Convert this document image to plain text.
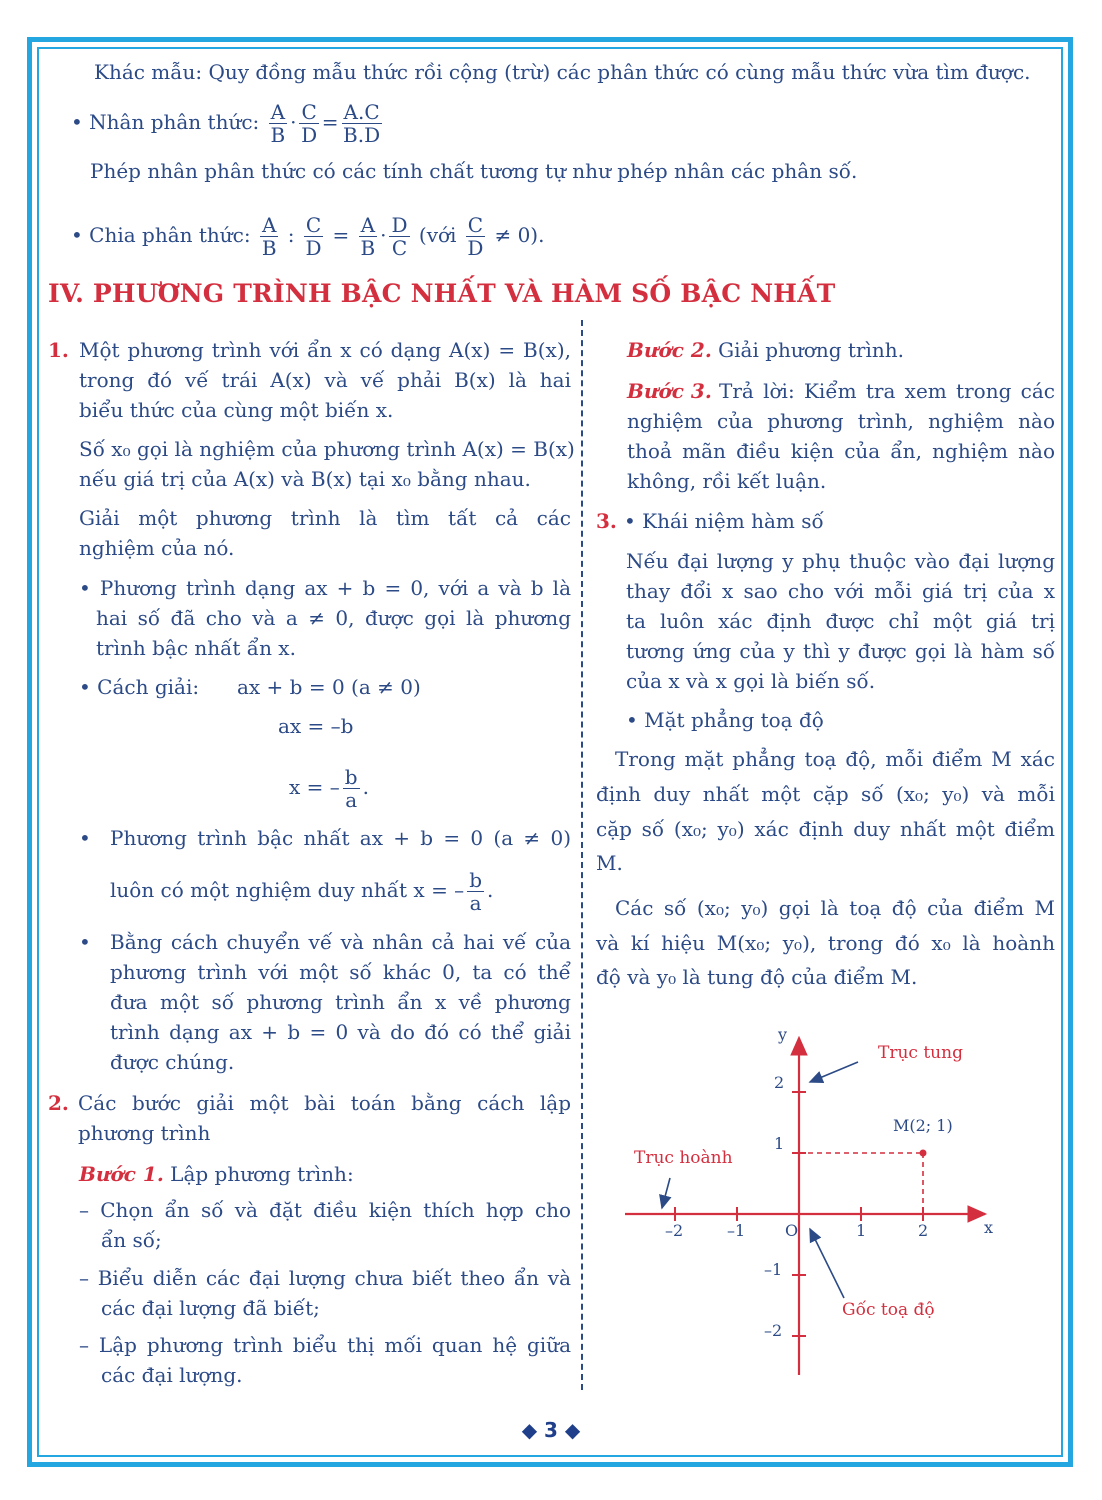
Khác mẫu: Quy đồng mẫu thức rồi cộng (trừ) các phân thức có cùng mẫu thức vừa tìm được.
• Nhân phân thức: $\frac{A}{B} \cdot \frac{C}{D} = \frac{A.C}{B.D}$
Phép nhân phân thức có các tính chất tương tự như phép nhân các phân số.
• Chia phân thức: $\frac{A}{B}$ : $\frac{C}{D} = \frac{A}{B} \cdot \frac{D}{C}$ (với $\frac{C}{D} \ne 0$).
IV. PHƯƠNG TRÌNH BẬC NHẤT VÀ HÀM SỐ BẬC NHẤT
1. Một phương trình với ẩn x có dạng A(x) = B(x),
trong đó vế trái A(x) và vế phải B(x) là hai
biểu thức của cùng một biến x.
Số x₀ gọi là nghiệm của phương trình A(x) = B(x)
nếu giá trị của A(x) và B(x) tại x₀ bằng nhau.
Giải một phương trình là tìm tất cả các
nghiệm của nó.
• Phương trình dạng ax + b = 0, với a và b là
hai số đã cho và a ≠ 0, được gọi là phương
trình bậc nhất ẩn x.
• Cách giải: ax + b = 0 (a ≠ 0)
ax = –b
x = – $\frac{b}{a}$ .
• Phương trình bậc nhất ax + b = 0 (a ≠ 0)
luôn có một nghiệm duy nhất x = – $\frac{b}{a}$ .
• Bằng cách chuyển vế và nhân cả hai vế của
phương trình với một số khác 0, ta có thể
đưa một số phương trình ẩn x về phương
trình dạng ax + b = 0 và do đó có thể giải
được chúng.
2. Các bước giải một bài toán bằng cách lập
phương trình
Bước 1. Lập phương trình:
– Chọn ẩn số và đặt điều kiện thích hợp cho
ẩn số;
– Biểu diễn các đại lượng chưa biết theo ẩn và
các đại lượng đã biết;
– Lập phương trình biểu thị mối quan hệ giữa
các đại lượng.
Bước 2. Giải phương trình.
Bước 3. Trả lời: Kiểm tra xem trong các
nghiệm của phương trình, nghiệm nào
thoả mãn điều kiện của ẩn, nghiệm nào
không, rồi kết luận.
3. • Khái niệm hàm số
Nếu đại lượng y phụ thuộc vào đại lượng
thay đổi x sao cho với mỗi giá trị của x
ta luôn xác định được chỉ một giá trị
tương ứng của y thì y được gọi là hàm số
của x và x gọi là biến số.
• Mặt phẳng toạ độ
Trong mặt phẳng toạ độ, mỗi điểm M xác
định duy nhất một cặp số (x₀; y₀) và mỗi
cặp số (x₀; y₀) xác định duy nhất một điểm
M.
Các số (x₀; y₀) gọi là toạ độ của điểm M
và kí hiệu M(x₀; y₀), trong đó x₀ là hoành
độ và y₀ là tung độ của điểm M.
–2	–1 O	1	2
2
1
–1
–2
M(2; 1)
x
y
Trục tung
Trục hoành
Gốc toạ độ
◆ 3 ◆
